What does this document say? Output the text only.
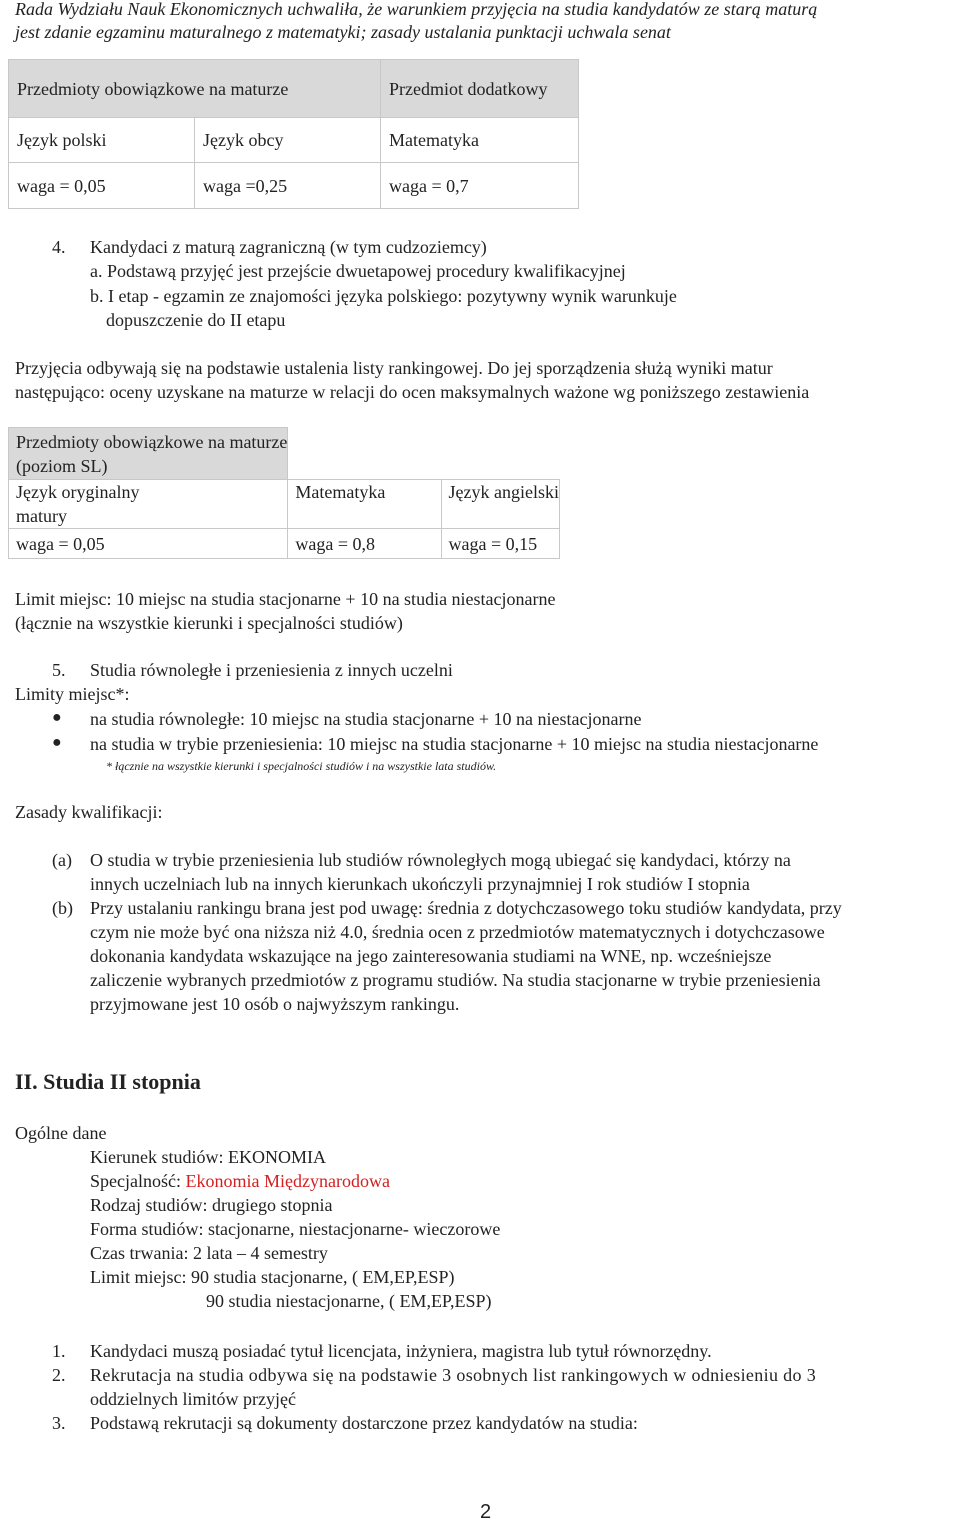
Rada Wydziału Nauk Ekonomicznych uchwaliła, że warunkiem przyjęcia na studia kandydatów ze starą maturą
jest zdanie egzaminu maturalnego z matematyki; zasady ustalania punktacji uchwala senat
Przedmioty obowiązkowe na maturze		Przedmiot dodatkowy
Język polski	Język obcy	Matematyka
waga = 0,05	waga =0,25	waga = 0,7
4. Kandydaci z maturą zagraniczną (w tym cudzoziemcy)
a. Podstawą przyjęć jest przejście dwuetapowej procedury kwalifikacyjnej
b. I etap - egzamin ze znajomości języka polskiego: pozytywny wynik warunkuje
dopuszczenie do II etapu
Przyjęcia odbywają się na podstawie ustalenia listy rankingowej. Do jej sporządzenia służą wyniki matur
następująco: oceny uzyskane na maturze w relacji do ocen maksymalnych ważone wg poniższego zestawienia
Przedmioty obowiązkowe na maturze
(poziom SL)		

Język oryginalny
matury	Matematyka	Język angielski
waga = 0,05	waga = 0,8	waga = 0,15
Limit miejsc: 10 miejsc na studia stacjonarne + 10 na studia niestacjonarne
(łącznie na wszystkie kierunki i specjalności studiów)
5. Studia równoległe i przeniesienia z innych uczelni
Limity miejsc*:
● na studia równoległe: 10 miejsc na studia stacjonarne + 10 na niestacjonarne
● na studia w trybie przeniesienia: 10 miejsc na studia stacjonarne + 10 miejsc na studia niestacjonarne
* łącznie na wszystkie kierunki i specjalności studiów i na wszystkie lata studiów.
Zasady kwalifikacji:
(a) O studia w trybie przeniesienia lub studiów równoległych mogą ubiegać się kandydaci, którzy na
innych uczelniach lub na innych kierunkach ukończyli przynajmniej I rok studiów I stopnia
(b) Przy ustalaniu rankingu brana jest pod uwagę: średnia z dotychczasowego toku studiów kandydata, przy
czym nie może być ona niższa niż 4.0, średnia ocen z przedmiotów matematycznych i dotychczasowe
dokonania kandydata wskazujące na jego zainteresowania studiami na WNE, np. wcześniejsze
zaliczenie wybranych przedmiotów z programu studiów. Na studia stacjonarne w trybie przeniesienia
przyjmowane jest 10 osób o najwyższym rankingu.
II. Studia II stopnia
Ogólne dane
Kierunek studiów: EKONOMIA
Specjalność: Ekonomia Międzynarodowa
Rodzaj studiów: drugiego stopnia
Forma studiów: stacjonarne, niestacjonarne- wieczorowe
Czas trwania: 2 lata – 4 semestry
Limit miejsc: 90 studia stacjonarne, ( EM,EP,ESP)
90 studia niestacjonarne, ( EM,EP,ESP)
1. Kandydaci muszą posiadać tytuł licencjata, inżyniera, magistra lub tytuł równorzędny.
2. Rekrutacja na studia odbywa się na podstawie 3 osobnych list rankingowych w odniesieniu do 3
oddzielnych limitów przyjęć
3. Podstawą rekrutacji są dokumenty dostarczone przez kandydatów na studia:
2
